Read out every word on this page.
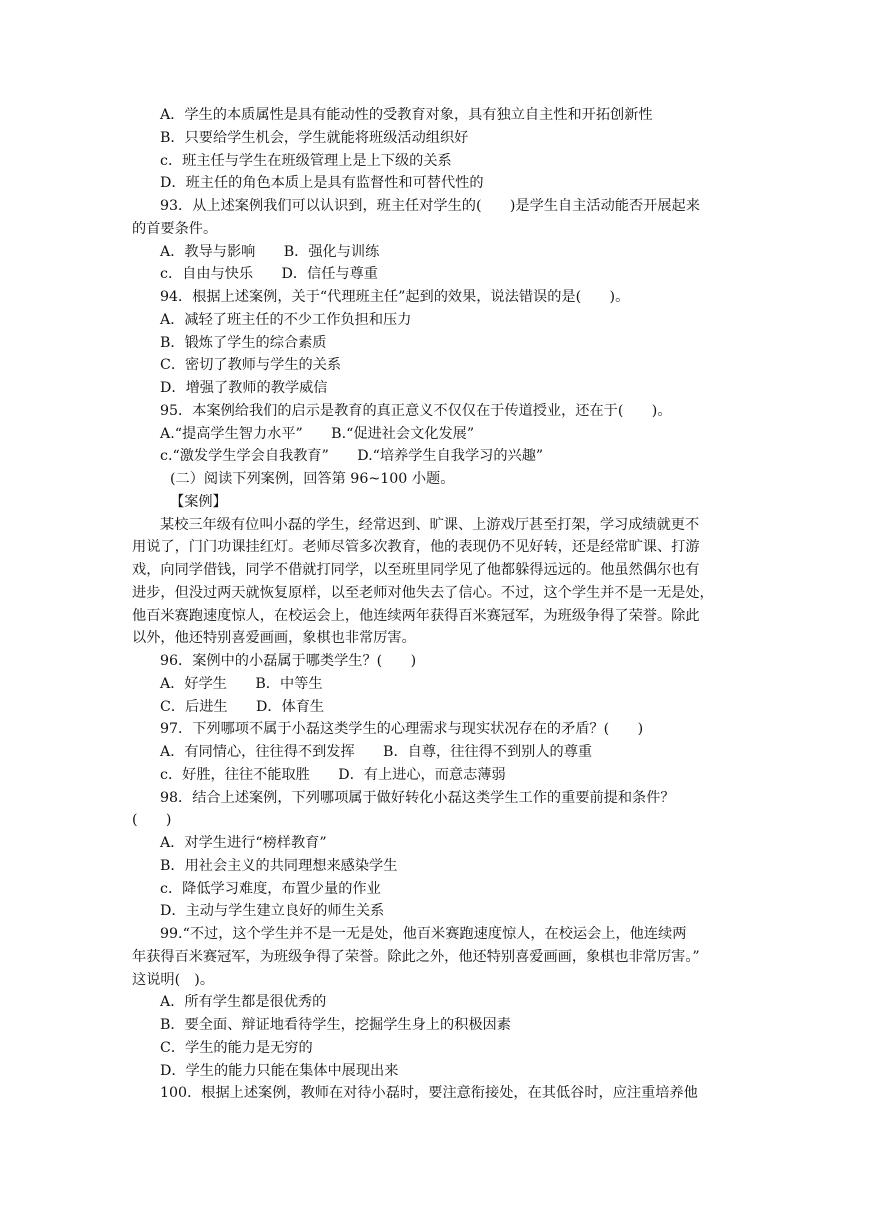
A．学生的本质属性是具有能动性的受教育对象，具有独立自主性和开拓创新性
B．只要给学生机会，学生就能将班级活动组织好
c．班主任与学生在班级管理上是上下级的关系
D．班主任的角色本质上是具有监督性和可替代性的
93．从上述案例我们可以认识到，班主任对学生的(　　)是学生自主活动能否开展起来
的首要条件。
A．教导与影响　　B．强化与训练
c．自由与快乐　　D．信任与尊重
94．根据上述案例，关于“代理班主任”起到的效果，说法错误的是(　　)。
A．减轻了班主任的不少工作负担和压力
B．锻炼了学生的综合素质
C．密切了教师与学生的关系
D．增强了教师的教学威信
95．本案例给我们的启示是教育的真正意义不仅仅在于传道授业，还在于(　　)。
A.“提高学生智力水平”　　B.“促进社会文化发展”
c.“激发学生学会自我教育”　　D.“培养学生自我学习的兴趣”
(二）阅读下列案例，回答第 96~100 小题。
【案例】
某校三年级有位叫小磊的学生，经常迟到、旷课、上游戏厅甚至打架，学习成绩就更不
用说了，门门功课挂红灯。老师尽管多次教育，他的表现仍不见好转，还是经常旷课、打游
戏，向同学借钱，同学不借就打同学，以至班里同学见了他都躲得远远的。他虽然偶尔也有
进步，但没过两天就恢复原样，以至老师对他失去了信心。不过，这个学生并不是一无是处，
他百米赛跑速度惊人，在校运会上，他连续两年获得百米赛冠军，为班级争得了荣誉。除此
以外，他还特别喜爱画画，象棋也非常厉害。
96．案例中的小磊属于哪类学生？(　　)
A．好学生　　B．中等生
C．后进生　　D．体育生
97．下列哪项不属于小磊这类学生的心理需求与现实状况存在的矛盾？(　　)
A．有同情心，往往得不到发挥　　B．自尊，往往得不到别人的尊重
c．好胜，往往不能取胜　　D．有上进心，而意志薄弱
98．结合上述案例，下列哪项属于做好转化小磊这类学生工作的重要前提和条件？
(　　)
A．对学生进行“榜样教育”
B．用社会主义的共同理想来感染学生
c．降低学习难度，布置少量的作业
D．主动与学生建立良好的师生关系
99.“不过，这个学生并不是一无是处，他百米赛跑速度惊人，在校运会上，他连续两
年获得百米赛冠军，为班级争得了荣誉。除此之外，他还特别喜爱画画，象棋也非常厉害。”
这说明(　)。
A．所有学生都是很优秀的
B．要全面、辩证地看待学生，挖掘学生身上的积极因素
C．学生的能力是无穷的
D．学生的能力只能在集体中展现出来
100．根据上述案例，教师在对待小磊时，要注意衔接处，在其低谷时，应注重培养他
